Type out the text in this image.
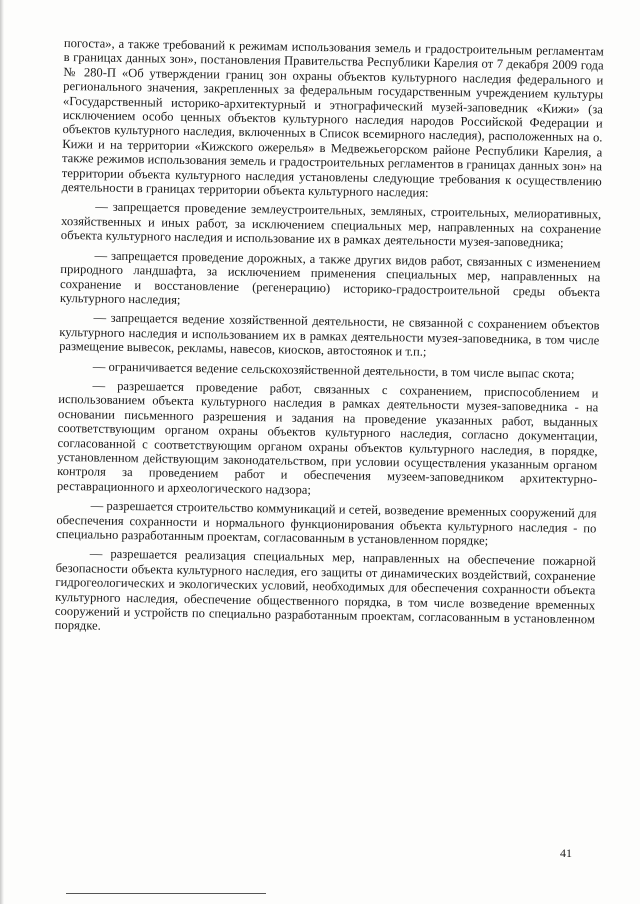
погоста», а также требований к режимам использования земель и градостроительным регламентам в границах данных зон», постановления Правительства Республики Карелия от 7 декабря 2009 года № 280-П «Об утверждении границ зон охраны объектов культурного наследия федерального и регионального значения, закрепленных за федеральным государственным учреждением культуры «Государственный историко-архитектурный и этнографический музей-заповедник «Кижи» (за исключением особо ценных объектов культурного наследия народов Российской Федерации и объектов культурного наследия, включенных в Список всемирного наследия), расположенных на о. Кижи и на территории «Кижского ожерелья» в Медвежьегорском районе Республики Карелия, а также режимов использования земель и градостроительных регламентов в границах данных зон» на территории объекта культурного наследия установлены следующие требования к осуществлению деятельности в границах территории объекта культурного наследия:

— запрещается проведение землеустроительных, земляных, строительных, мелиоративных, хозяйственных и иных работ, за исключением специальных мер, направленных на сохранение объекта культурного наследия и использование их в рамках деятельности музея-заповедника;

— запрещается проведение дорожных, а также других видов работ, связанных с изменением природного ландшафта, за исключением применения специальных мер, направленных на сохранение и восстановление (регенерацию) историко-градостроительной среды объекта культурного наследия;

— запрещается ведение хозяйственной деятельности, не связанной с сохранением объектов культурного наследия и использованием их в рамках деятельности музея-заповедника, в том числе размещение вывесок, рекламы, навесов, киосков, автостоянок и т.п.;

— ограничивается ведение сельскохозяйственной деятельности, в том числе выпас скота;

— разрешается проведение работ, связанных с сохранением, приспособлением и использованием объекта культурного наследия в рамках деятельности музея-заповедника - на основании письменного разрешения и задания на проведение указанных работ, выданных соответствующим органом охраны объектов культурного наследия, согласно документации, согласованной с соответствующим органом охраны объектов культурного наследия, в порядке, установленном действующим законодательством, при условии осуществления указанным органом контроля за проведением работ и обеспечения музеем-заповедником архитектурно-реставрационного и археологического надзора;

— разрешается строительство коммуникаций и сетей, возведение временных сооружений для обеспечения сохранности и нормального функционирования объекта культурного наследия - по специально разработанным проектам, согласованным в установленном порядке;

— разрешается реализация специальных мер, направленных на обеспечение пожарной безопасности объекта культурного наследия, его защиты от динамических воздействий, сохранение гидрогеологических и экологических условий, необходимых для обеспечения сохранности объекта культурного наследия, обеспечение общественного порядка, в том числе возведение временных сооружений и устройств по специально разработанным проектам, согласованным в установленном порядке.

41
